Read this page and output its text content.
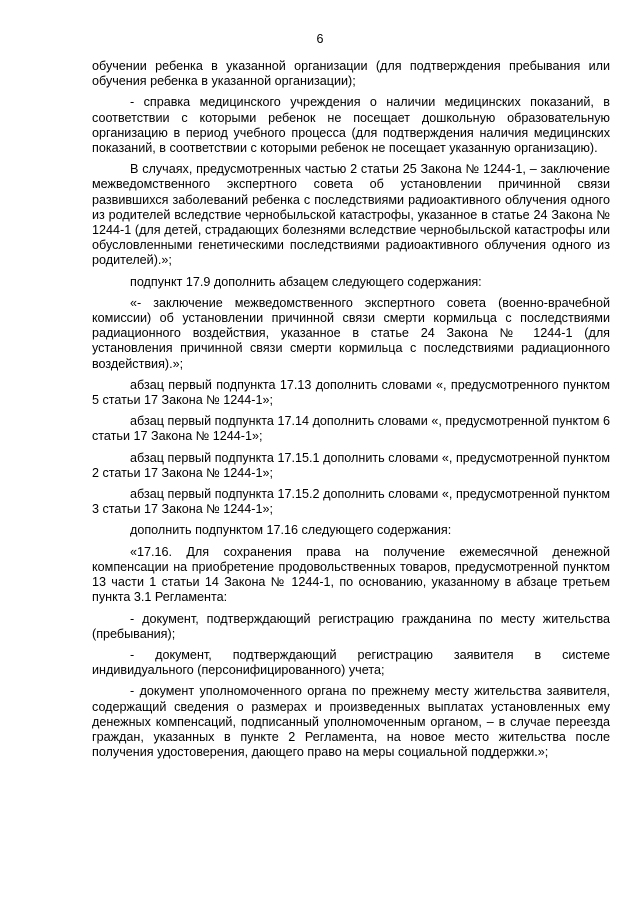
6

обучении ребенка в указанной организации (для подтверждения пребывания или обучения ребенка в указанной организации);

- справка медицинского учреждения о наличии медицинских показаний, в соответствии с которыми ребенок не посещает дошкольную образовательную организацию в период учебного процесса (для подтверждения наличия медицинских показаний, в соответствии с которыми ребенок не посещает указанную организацию).

В случаях, предусмотренных частью 2 статьи 25 Закона № 1244-1, – заключение межведомственного экспертного совета об установлении причинной связи развившихся заболеваний ребенка с последствиями радиоактивного облучения одного из родителей вследствие чернобыльской катастрофы, указанное в статье 24 Закона № 1244-1 (для детей, страдающих болезнями вследствие чернобыльской катастрофы или обусловленными генетическими последствиями радиоактивного облучения одного из родителей).»;

подпункт 17.9 дополнить абзацем следующего содержания:

«- заключение межведомственного экспертного совета (военно-врачебной комиссии) об установлении причинной связи смерти кормильца с последствиями радиационного воздействия, указанное в статье 24 Закона № 1244-1 (для установления причинной связи смерти кормильца с последствиями радиационного воздействия).»;

абзац первый подпункта 17.13 дополнить словами «, предусмотренного пунктом 5 статьи 17 Закона № 1244-1»;

абзац первый подпункта 17.14 дополнить словами «, предусмотренной пунктом 6 статьи 17 Закона № 1244-1»;

абзац первый подпункта 17.15.1 дополнить словами «, предусмотренной пунктом 2 статьи 17 Закона № 1244-1»;

абзац первый подпункта 17.15.2 дополнить словами «, предусмотренной пунктом 3 статьи 17 Закона № 1244-1»;

дополнить подпунктом 17.16 следующего содержания:

«17.16. Для сохранения права на получение ежемесячной денежной компенсации на приобретение продовольственных товаров, предусмотренной пунктом 13 части 1 статьи 14 Закона № 1244-1, по основанию, указанному в абзаце третьем пункта 3.1 Регламента:

- документ, подтверждающий регистрацию гражданина по месту жительства (пребывания);

- документ, подтверждающий регистрацию заявителя в системе индивидуального (персонифицированного) учета;

- документ уполномоченного органа по прежнему месту жительства заявителя, содержащий сведения о размерах и произведенных выплатах установленных ему денежных компенсаций, подписанный уполномоченным органом, – в случае переезда граждан, указанных в пункте 2 Регламента, на новое место жительства после получения удостоверения, дающего право на меры социальной поддержки.»;
